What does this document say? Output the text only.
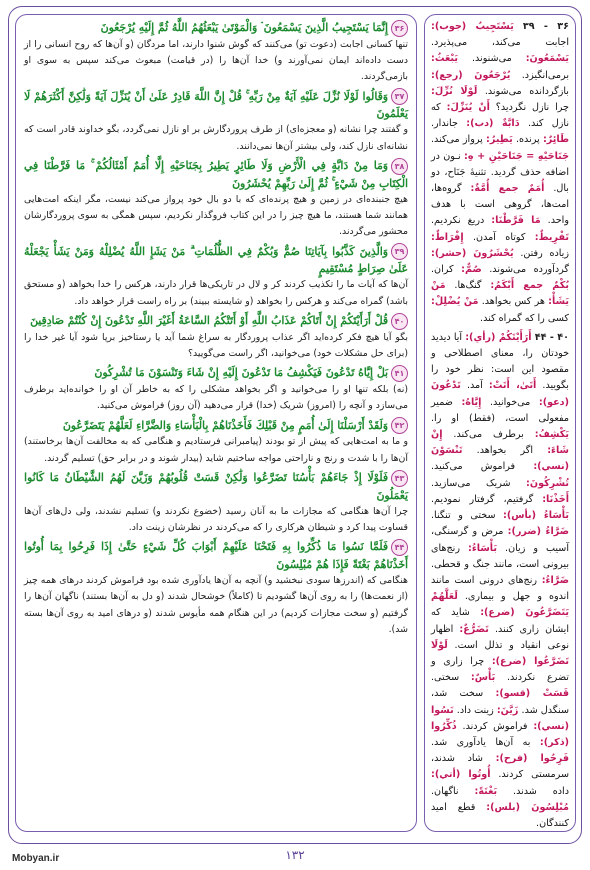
۳۶إِنَّمَا يَسْتَجِيبُ الَّذِينَ يَسْمَعُونَ ۘ وَالْمَوْتَىٰ يَبْعَثُهُمُ اللَّهُ ثُمَّ إِلَيْهِ يُرْجَعُونَ
تنها کسانی اجابت (دعوت تو) می‌کنند که گوش شنوا دارند، اما مردگان (و آن‌ها که روح انسانی را از دست داده‌اند ایمان نمی‌آورند و) خدا آن‌ها را (در قیامت) مبعوث می‌کند سپس به سوی او بازمی‌گردند.
۳۷وَقَالُوا لَوْلَا نُزِّلَ عَلَيْهِ آيَةٌ مِنْ رَبِّهِ ۚ قُلْ إِنَّ اللَّهَ قَادِرٌ عَلَىٰ أَنْ يُنَزِّلَ آيَةً وَلَٰكِنَّ أَكْثَرَهُمْ لَا يَعْلَمُونَ
و گفتند چرا نشانه (و معجزه‌ای) از طرف پروردگارش بر او نازل نمی‌گردد، بگو خداوند قادر است که نشانه‌ای نازل کند، ولی بیشتر آن‌ها نمی‌دانند.
۳۸وَمَا مِنْ دَابَّةٍ فِي الْأَرْضِ وَلَا طَائِرٍ يَطِيرُ بِجَنَاحَيْهِ إِلَّا أُمَمٌ أَمْثَالُكُمْ ۚ مَا فَرَّطْنَا فِي الْكِتَابِ مِنْ شَيْءٍ ۚ ثُمَّ إِلَىٰ رَبِّهِمْ يُحْشَرُونَ
هیچ جنبنده‌ای در زمین و هیچ پرنده‌ای که با دو بال خود پرواز می‌کند نیست، مگر اینکه امت‌هایی همانند شما هستند، ما هیچ چیز را در این کتاب فروگذار نکردیم، سپس همگی به سوی پروردگارشان محشور می‌گردند.
۳۹وَالَّذِينَ كَذَّبُوا بِآيَاتِنَا صُمٌّ وَبُكْمٌ فِي الظُّلُمَاتِ ۗ مَنْ يَشَإِ اللَّهُ يُضْلِلْهُ وَمَنْ يَشَأْ يَجْعَلْهُ عَلَىٰ صِرَاطٍ مُسْتَقِيمٍ
آن‌ها که آیات ما را تکذیب کردند کر و لال در تاریکی‌ها قرار دارند، هرکس را خدا بخواهد (و مستحق باشد) گمراه می‌کند و هرکس را بخواهد (و شایسته ببیند) بر راه راست قرار خواهد داد.
۴۰قُلْ أَرَأَيْتَكُمْ إِنْ أَتَاكُمْ عَذَابُ اللَّهِ أَوْ أَتَتْكُمُ السَّاعَةُ أَغَيْرَ اللَّهِ تَدْعُونَ إِنْ كُنْتُمْ صَادِقِينَ
بگو آیا هیچ فکر کرده‌اید اگر عذاب پروردگار به سراغ شما آید یا رستاخیز برپا شود آیا غیر خدا را (برای حل مشکلات خود) می‌خوانید، اگر راست می‌گویید؟
۴۱بَلْ إِيَّاهُ تَدْعُونَ فَيَكْشِفُ مَا تَدْعُونَ إِلَيْهِ إِنْ شَاءَ وَتَنْسَوْنَ مَا تُشْرِكُونَ
(نه) بلکه تنها او را می‌خوانید و اگر بخواهد مشکلی را که به خاطر آن او را خوانده‌اید برطرف می‌سازد و آنچه را (امروز) شریک (خدا) قرار می‌دهید (آن روز) فراموش می‌کنید.
۴۲وَلَقَدْ أَرْسَلْنَا إِلَىٰ أُمَمٍ مِنْ قَبْلِكَ فَأَخَذْنَاهُمْ بِالْبَأْسَاءِ وَالضَّرَّاءِ لَعَلَّهُمْ يَتَضَرَّعُونَ
و ما به امت‌هایی که پیش از تو بودند (پیامبرانی فرستادیم و هنگامی که به مخالفت آن‌ها برخاستند) آن‌ها را با شدت و رنج و ناراحتی مواجه ساختیم شاید (بیدار شوند و در برابر حق) تسلیم گردند.
۴۳فَلَوْلَا إِذْ جَاءَهُمْ بَأْسُنَا تَضَرَّعُوا وَلَٰكِنْ قَسَتْ قُلُوبُهُمْ وَزَيَّنَ لَهُمُ الشَّيْطَانُ مَا كَانُوا يَعْمَلُونَ
چرا آن‌ها هنگامی که مجازات ما به آنان رسید (خضوع نکردند و) تسلیم نشدند، ولی دل‌های آن‌ها قساوت پیدا کرد و شیطان هرکاری را که می‌کردند در نظرشان زینت داد.
۴۴فَلَمَّا نَسُوا مَا ذُكِّرُوا بِهِ فَتَحْنَا عَلَيْهِمْ أَبْوَابَ كُلِّ شَيْءٍ حَتَّىٰ إِذَا فَرِحُوا بِمَا أُوتُوا أَخَذْنَاهُمْ بَغْتَةً فَإِذَا هُمْ مُبْلِسُونَ
هنگامی که (اندرزها سودی نبخشید و) آنچه به آن‌ها یادآوری شده بود فراموش کردند درهای همه چیز (از نعمت‌ها) را به روی آن‌ها گشودیم تا (کاملاً) خوشحال شدند (و دل به آن‌ها بستند) ناگهان آن‌ها را گرفتیم (و سخت مجازات کردیم) در این هنگام همه مأیوس شدند (و درهای امید به روی آن‌ها بسته شد).
۳۶ - ۳۹ يَسْتَجِيبُ (جوب): اجابت می‌کند، می‌پذیرد. يَسْمَعُونَ: می‌شنوند. يَبْعَثُ: برمی‌انگیزد. يُرْجَعُونَ (رجع): بازگردانده می‌شوند. لَوْلَا نُزِّلَ: چرا نازل نگردید؟ أَنْ يُنَزِّلَ: که نازل کند. دَابَّةٌ (دب): جاندار. طَائِرٌ: پرنده. يَطِيرُ: پرواز می‌کند. جَنَاحَيْهِ = جَنَاحَيْنِ + هِ: نـون در اضافه حذف گردید. تثنیهٔ جَنَاح، دو بال. أُمَمٌ جمع أُمَّةٌ: گروه‌ها، امت‌ها، گروهی است با هدف واحد. مَا فَرَّطْنَا: دریغ نکردیم. تَفْرِيطٌ: کوتاه آمدن. إِفْرَاطٌ: زیاده رفتن. يُحْشَرُونَ (حشر): گردآورده می‌شوند. صُمٌّ: کران. بُكْمٌ جمع أَبْكَمُ: گنگ‌ها. مَنْ يَشَأْ: هر کس بخواهد. مَنْ يُضْلِلْ: کسی را که گمراه کند.
۴۰ - ۴۴ أَرَأَيْتَكُمْ (رأي): آیا دیدید خودتان را، معنای اصطلاحی و مقصود این است: نظر خود را بگویید. أَتَىٰ، أَتَتْ: آمد. تَدْعُونَ (دعو): می‌خوانید. إِيَّاهُ: ضمیر مفعولی است، (فقط) او را. يَكْشِفُ: برطرف می‌کند. إِنْ شَاءَ: اگر بخواهد. تَنْسَوْنَ (نسي): فراموش می‌کنید. تُشْرِكُونَ: شریک می‌سازید. أَخَذْنَا: گرفتیم، گرفتار نمودیم. بَأْسَاءُ (بأس): سختی و تنگنا. ضَرَّاءُ (ضرر): مرض و گرسنگی، آسیب و زیان. بَأْسَاءُ: رنج‌های بیرونی است، مانند جنگ و قحطی. ضَرَّاءُ: رنج‌های درونی است مانند اندوه و جهل و بیماری. لَعَلَّهُمْ يَتَضَرَّعُونَ (ضرع): شاید که ایشان زاری کنند. تَضَرُّعٌ: اظهار نوعی انقیاد و تذلل است. لَوْلَا تَضَرَّعُوا (ضرع): چرا زاری و تضرع نکردند. بَأْسٌ: سختی. قَسَتْ (قسو): سخت شد، سنگدل شد. زَيَّنَ: زینت داد. نَسُوا (نسي): فراموش کردند. ذُكِّرُوا (ذكر): به آن‌ها یادآوری شد. فَرِحُوا (فرح): شاد شدند، سرمستی کردند. أُوتُوا (أتي): داده شدند. بَغْتَةً: ناگهان. مُبْلِسُونَ (بلس): قطع امید کنندگان.
۱۳۲
Mobyan.ir
